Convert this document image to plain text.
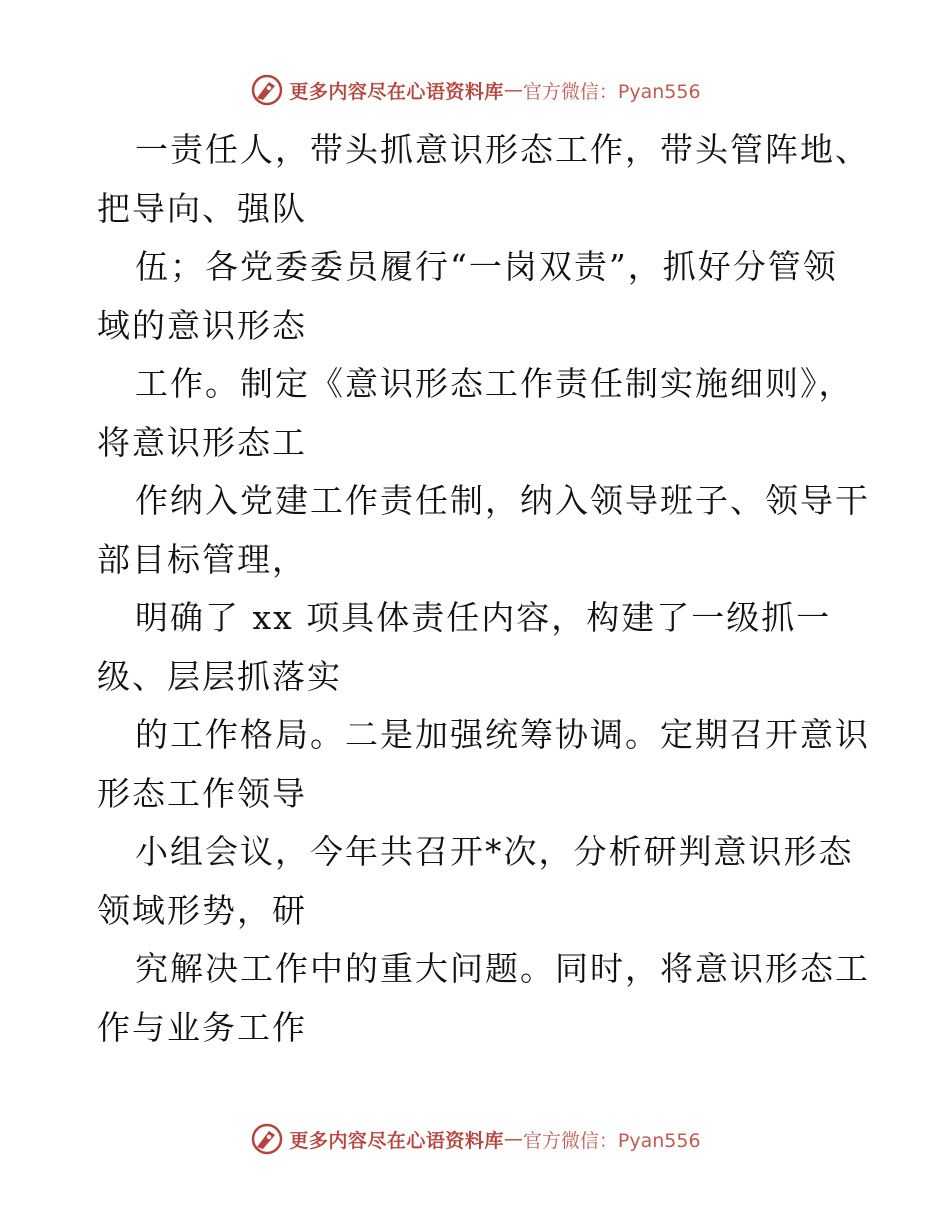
更多内容尽在心语资料库 — 官方微信：Pyan556
一责任人，带头抓意识形态工作，带头管阵地、
把导向、强队
伍；各党委委员履行“一岗双责”，抓好分管领
域的意识形态
工作。制定《意识形态工作责任制实施细则》，
将意识形态工
作纳入党建工作责任制，纳入领导班子、领导干
部目标管理，
明确了 xx 项具体责任内容，构建了一级抓一
级、层层抓落实
的工作格局。二是加强统筹协调。定期召开意识
形态工作领导
小组会议，今年共召开*次，分析研判意识形态
领域形势，研
究解决工作中的重大问题。同时，将意识形态工
作与业务工作
更多内容尽在心语资料库 — 官方微信：Pyan556
